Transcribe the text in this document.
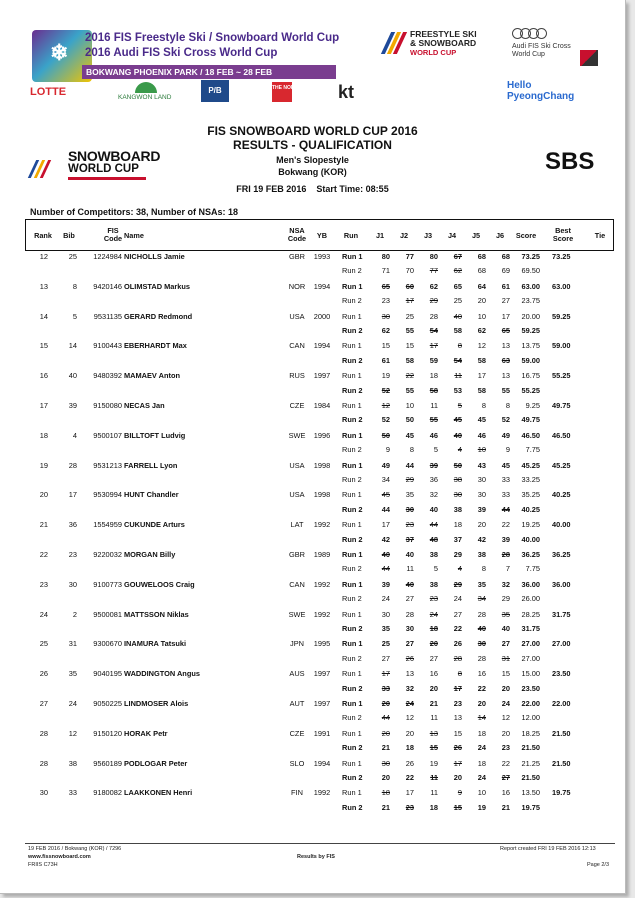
❄
2016 FIS Freestyle Ski / Snowboard World Cup
2016 Audi FIS Ski Cross World Cup
BOKWANG PHOENIX PARK / 18 FEB ~ 28 FEB
FREESTYLE SKI
& SNOWBOARD
WORLD CUP
Audi FIS Ski Cross
World Cup
LOTTE	KANGWON LAND
P/B	THE NORTH FACE kt	Hello
PyeongChang
FIS SNOWBOARD WORLD CUP 2016
RESULTS - QUALIFICATION
Men's Slopestyle
Bokwang (KOR)
FRI 19 FEB 2016    Start Time: 08:55
SNOWBOARD
WORLD CUP	SBS
Number of Competitors: 38, Number of NSAs: 18
Rank	Bib
FIS
Code Name
NSA
Code	YB	Run	J1	J2	J3	J4	J5	J6	Score
Best
Score	Tie
12	25	1224984 NICHOLLS Jamie	GBR	1993	73.25
Run 1	80	77	80	67	68	68	73.25
Run 2	71	70	77	62	68	69	69.50
13	8	9420146 OLIMSTAD Markus	NOR	1994	63.00
Run 1	65	60	62	65	64	61	63.00
Run 2	23	17	29	25	20	27	23.75
14	5	9531135 GERARD Redmond	USA	2000	59.25
Run 1	30	25	28	40	10	17	20.00
Run 2	62	55	54	58	62	65	59.25
15	14	9100443 EBERHARDT Max	CAN	1994	59.00
Run 1	15	15	17	8	12	13	13.75
Run 2	61	58	59	54	58	63	59.00
16	40	9480392 MAMAEV Anton	RUS	1997	55.25
Run 1	19	22	18	11	17	13	16.75
Run 2	52	55	58	53	58	55	55.25
17	39	9150080 NECAS Jan	CZE	1984	49.75
Run 1	12	10	11	5	8	8	9.25
Run 2	52	50	55	45	45	52	49.75
18	4	9500107 BILLTOFT Ludvig	SWE	1996	46.50
Run 1	50	45	46	40	46	49	46.50
Run 2	9	8	5	4	10	9	7.75
19	28	9531213 FARRELL Lyon	USA	1998	45.25
Run 1	49	44	39	50	43	45	45.25
Run 2	34	29	36	38	30	33	33.25
20	17	9530994 HUNT Chandler	USA	1998	40.25
Run 1	45	35	32	30	30	33	35.25
Run 2	44	30	40	38	39	44	40.25
21	36	1554959 CUKUNDE Arturs	LAT	1992	40.00
Run 1	17	23	44	18	20	22	19.25
Run 2	42	37	48	37	42	39	40.00
22	23	9220032 MORGAN Billy	GBR	1989	36.25
Run 1	40	40	38	29	38	28	36.25
Run 2	44	11	5	4	8	7	7.75
23	30	9100773 GOUWELOOS Craig	CAN	1992	36.00
Run 1	39	40	38	29	35	32	36.00
Run 2	24	27	23	24	34	29	26.00
24	2	9500081 MATTSSON Niklas	SWE	1992	31.75
Run 1	30	28	24	27	28	35	28.25
Run 2	35	30	18	22	40	40	31.75
25	31	9300670 INAMURA Tatsuki	JPN	1995	27.00
Run 1	25	27	20	26	30	27	27.00
Run 2	27	26	27	28	28	31	27.00
26	35	9040195 WADDINGTON Angus	AUS	1997	23.50
Run 1	17	13	16	8	16	15	15.00
Run 2	33	32	20	17	22	20	23.50
27	24	9050225 LINDMOSER Alois	AUT	1997	22.00
Run 1	20	24	21	23	20	24	22.00
Run 2	44	12	11	13	14	12	12.00
28	12	9150120 HORAK Petr	CZE	1991	21.50
Run 1	20	20	13	15	18	20	18.25
Run 2	21	18	15	26	24	23	21.50
28	38	9560189 PODLOGAR Peter	SLO	1994	21.50
Run 1	30	26	19	17	18	22	21.25
Run 2	20	22	11	20	24	27	21.50
30	33	9180082 LAAKKONEN Henri	FIN	1992	19.75
Run 1	18	17	11	9	10	16	13.50
Run 2	21	23	18	15	19	21	19.75
19 FEB 2016 / Bokwang (KOR) / 7296
www.fissnowboard.com
FRIIS C73H
Results by FIS
Report created FRI 19 FEB 2016 12:13
Page 2/3
